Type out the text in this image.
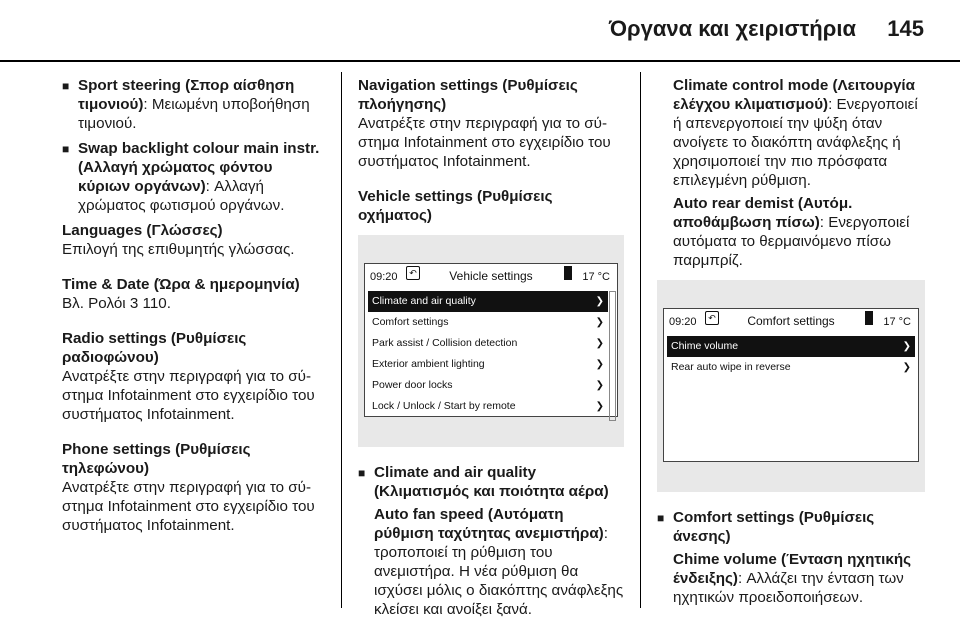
Όργανα και χειριστήρια 145
■ Sport steering (Σπορ αίσθηση τιμονιού): Μειωμένη υποβοήθηση τιμονιού.
■ Swap backlight colour main instr. (Αλλαγή χρώματος φόντου κύριων οργάνων): Αλλαγή χρώματος φωτισμού οργάνων.
Languages (Γλώσσες)
Επιλογή της επιθυμητής γλώσσας.
Time & Date (Ώρα & ημερομηνία)
Βλ. Ρολόι 3 110.
Radio settings (Ρυθμίσεις ραδιοφώνου)
Ανατρέξτε στην περιγραφή για το σύστημα Infotainment στο εγχειρίδιο του συστήματος Infotainment.
Phone settings (Ρυθμίσεις τηλεφώνου)
Ανατρέξτε στην περιγραφή για το σύστημα Infotainment στο εγχειρίδιο του συστήματος Infotainment.
Navigation settings (Ρυθμίσεις πλοήγησης)
Ανατρέξτε στην περιγραφή για το σύστημα Infotainment στο εγχειρίδιο του συστήματος Infotainment.
Vehicle settings (Ρυθμίσεις οχήματος)
09:20	↶	Vehicle settings	17 °C
Climate and air quality	❯
Comfort settings	❯
Park assist / Collision detection	❯
Exterior ambient lighting	❯
Power door locks	❯
Lock / Unlock / Start by remote	❯
■ Climate and air quality (Κλιματισμός και ποιότητα αέρα)
Auto fan speed (Αυτόματη ρύθμιση ταχύτητας ανεμιστήρα): τροποποιεί τη ρύθμιση του ανεμιστήρα. Η νέα ρύθμιση θα ισχύσει μόλις ο διακόπτης ανάφλεξης κλείσει και ανοίξει ξανά.
Climate control mode (Λειτουργία ελέγχου κλιματισμού): Ενεργοποιεί ή απενεργοποιεί την ψύξη όταν ανοίγετε το διακόπτη ανάφλεξης ή χρησιμοποιεί την πιο πρόσφατα επιλεγμένη ρύθμιση.
Auto rear demist (Αυτόμ. αποθάμβωση πίσω): Ενεργοποιεί αυτόματα το θερμαινόμενο πίσω παρμπρίζ.
09:20	↶	Comfort settings	17 °C
Chime volume	❯
Rear auto wipe in reverse	❯
■ Comfort settings (Ρυθμίσεις άνεσης)
Chime volume (Ένταση ηχητικής ένδειξης): Αλλάζει την ένταση των ηχητικών προειδοποιήσεων.
